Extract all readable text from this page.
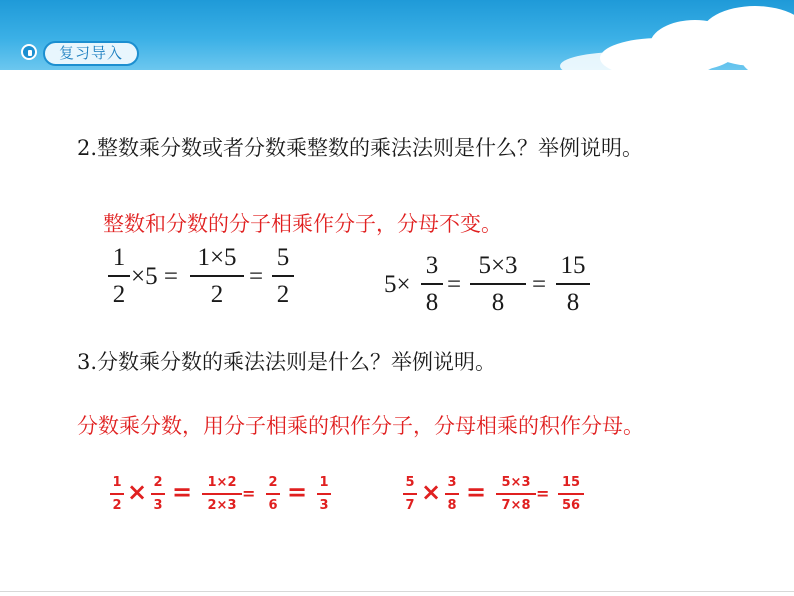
复习导入
2.整数乘分数或者分数乘整数的乘法法则是什么？举例说明。
整数和分数的分子相乘作分子，分母不变。
1
2
×5 =
1×5
2
=
5
2	5×
3
8
=
5×3
8
=
15
8
3.分数乘分数的乘法法则是什么？举例说明。
分数乘分数，用分子相乘的积作分子，分母相乘的积作分母。
1
2 × 2
3 = 1×2
2×3
=
2
6 = 1
3
5
7 × 3
8 = 5×3
7×8
=
15
56
